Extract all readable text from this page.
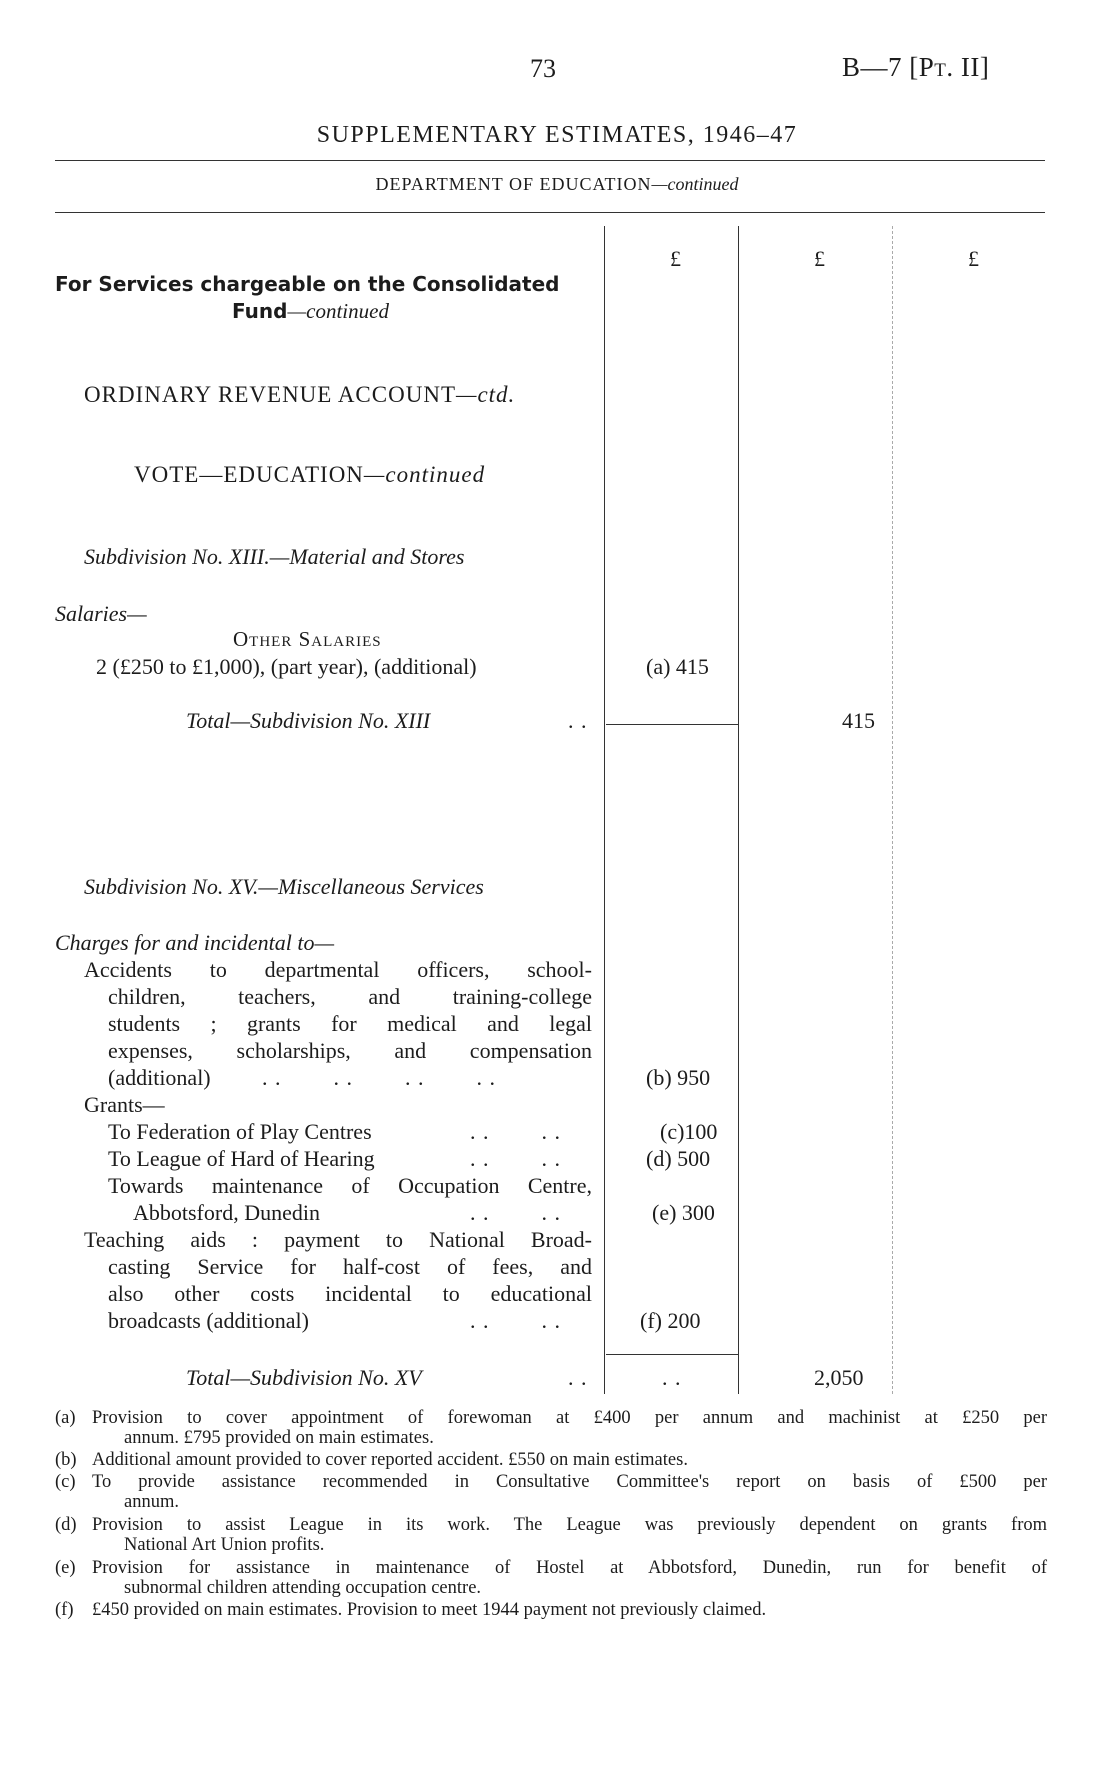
73	B—7 [Pt. II]
SUPPLEMENTARY ESTIMATES, 1946–47
DEPARTMENT OF EDUCATION—continued
£	£	£
For Services chargeable on the Consolidated
Fund—continued
ORDINARY REVENUE ACCOUNT—ctd.
VOTE—EDUCATION—continued
Subdivision No. XIII.—Material and Stores
Salaries—
Other Salaries
2 (£250 to £1,000), (part year), (additional)	(a) 415
Total—Subdivision No. XIII	. .	415
Subdivision No. XV.—Miscellaneous Services
Charges for and incidental to—
Accidents to departmental officers, school-
children, teachers, and training-college
students ; grants for medical and legal
expenses, scholarships, and compensation
(additional) . .        . .        . .        . .	(b) 950
Grants—
To Federation of Play Centres	. .        . .	(c)100
To League of Hard of Hearing	. .        . .	(d) 500
Towards maintenance of Occupation Centre,
Abbotsford, Dunedin	. .        . .	(e) 300
Teaching aids : payment to National Broad-
casting Service for half-cost of fees, and
also other costs incidental to educational
broadcasts (additional)	. .        . .	(f) 200
Total—Subdivision No. XV	. .	. .	2,050
(a) Provision to cover appointment of forewoman at £400 per annum and machinist at £250 per
annum. £795 provided on main estimates.
(b) Additional amount provided to cover reported accident. £550 on main estimates.
(c) To provide assistance recommended in Consultative Committee's report on basis of £500 per
annum.
(d) Provision to assist League in its work. The League was previously dependent on grants from
National Art Union profits.
(e) Provision for assistance in maintenance of Hostel at Abbotsford, Dunedin, run for benefit of
subnormal children attending occupation centre.
(f) £450 provided on main estimates. Provision to meet 1944 payment not previously claimed.
